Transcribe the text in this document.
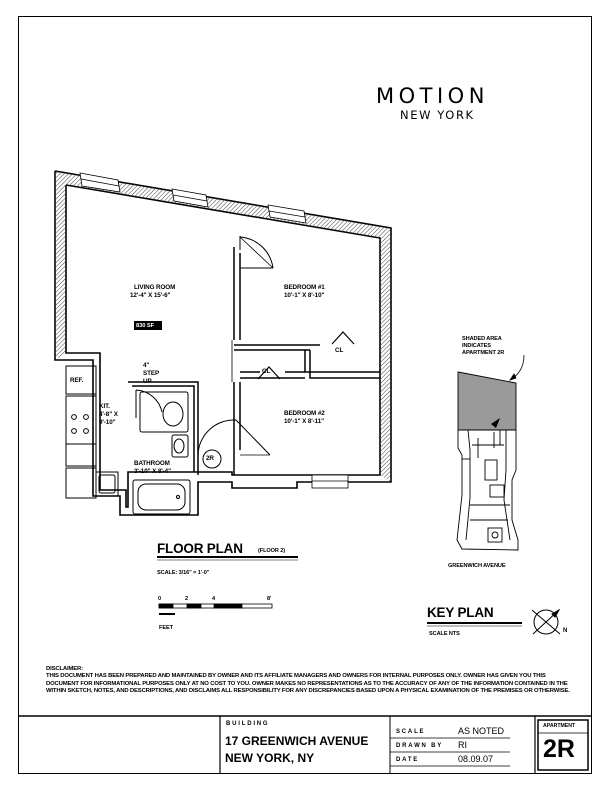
MOTION
NEW YORK
LIVING ROOM
12'-4" X 15'-6"
830 SF
BEDROOM #1
10'-1" X 8'-10"
CL
CL
BEDROOM #2
10'-1" X 8'-11"
REF.
KIT.
4'-8" X
9'-10"
4"
STEP
UP
BATHROOM
3'-10" X 8'-4"
2R
FLOOR PLAN	(FLOOR 2)
SCALE: 3/16" = 1'-0"
0	2	4	8'
FEET
SHADED AREA
INDICATES
APARTMENT 2R
GREENWICH AVENUE
KEY PLAN
SCALE NTS	N
DISCLAIMER:
THIS DOCUMENT HAS BEEN PREPARED AND MAINTAINED BY OWNER AND ITS AFFILIATE MANAGERS AND OWNERS FOR INTERNAL PURPOSES ONLY. OWNER HAS GIVEN YOU THIS DOCUMENT FOR INFORMATIONAL PURPOSES ONLY AT NO COST TO YOU. OWNER MAKES NO REPRESENTATIONS AS TO THE ACCURACY OF ANY OF THE INFORMATION CONTAINED IN THE WITHIN SKETCH, NOTES, AND DESCRIPTIONS, AND DISCLAIMS ALL RESPONSIBILITY FOR ANY DISCREPANCIES BASED UPON A PHYSICAL EXAMINATION OF THE PREMISES OR OTHERWISE.
BUILDING
17 GREENWICH AVENUE
NEW YORK, NY
SCALE	AS NOTED
DRAWN BY RI
DATE	08.09.07
APARTMENT
2R
